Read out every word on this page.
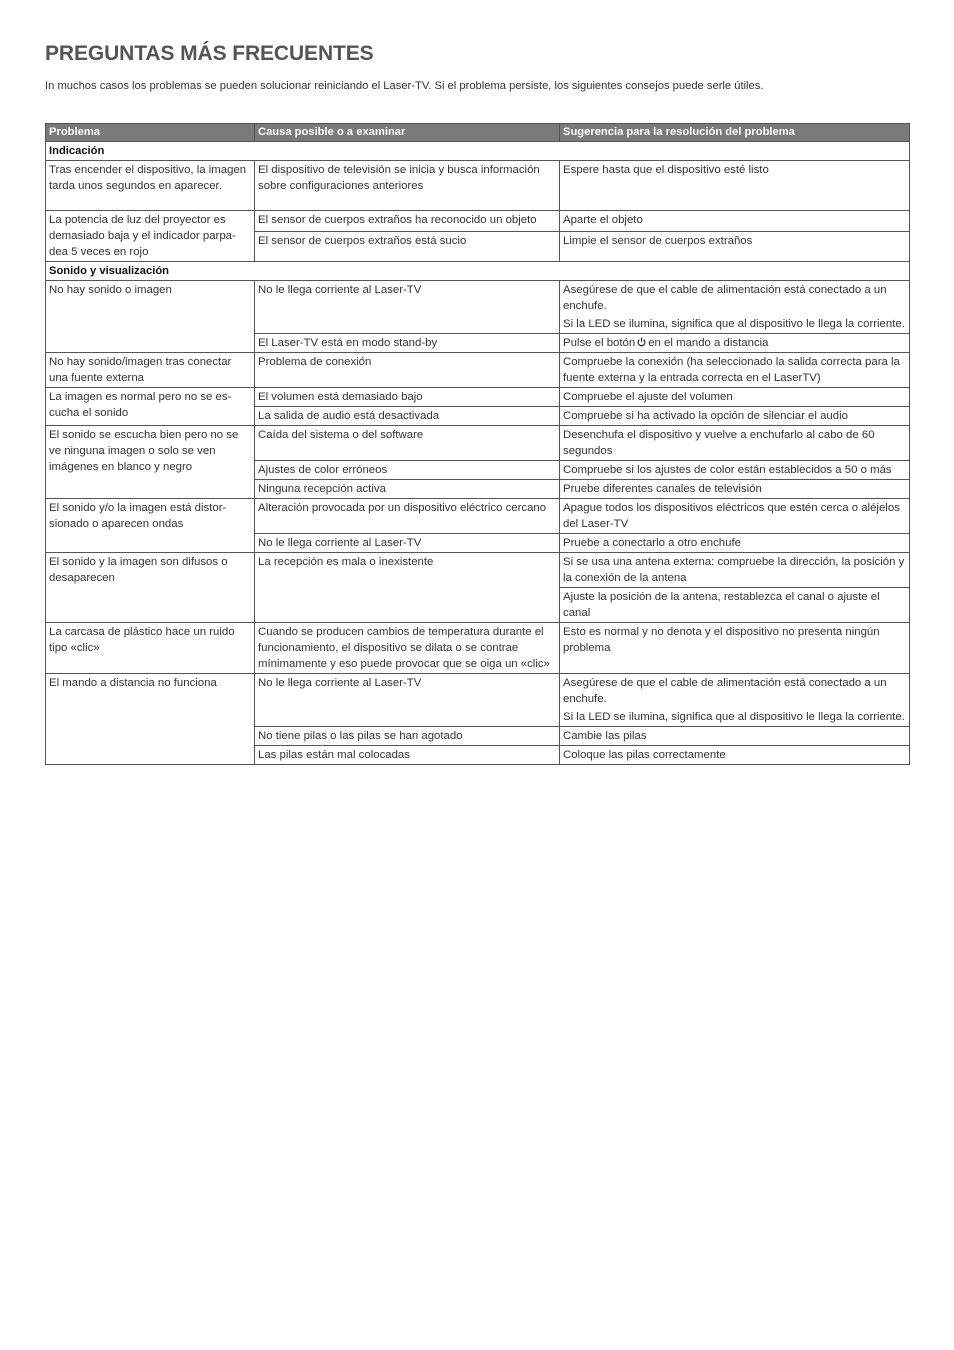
PREGUNTAS MÁS FRECUENTES

In muchos casos los problemas se pueden solucionar reiniciando el Laser-TV. Si el problema persiste, los siguientes consejos puede serle útiles.

Problema	Causa posible o a examinar	Sugerencia para la resolución del problema
Indicación		
Tras encender el dispositivo, la imagen tarda unos segundos en aparecer.	El dispositivo de televisión se inicia y busca información sobre configuraciones anteriores	Espere hasta que el dispositivo esté listo
La potencia de luz del proyector es demasiado baja y el indicador parpa-dea 5 veces en rojo	El sensor de cuerpos extraños ha reconocido un objeto	Aparte el objeto
	El sensor de cuerpos extraños está sucio	Limpie el sensor de cuerpos extraños
Sonido y visualización		
No hay sonido o imagen	No le llega corriente al Laser-TV	Asegúrese de que el cable de alimentación está conectado a un enchufe.
Si la LED se ilumina, significa que al dispositivo le llega la corriente.

	El Laser-TV está en modo stand-by	Pulse el botón en el mando a distancia
No hay sonido/imagen tras conectar una fuente externa	Problema de conexión	Compruebe la conexión (ha seleccionado la salida correcta para la fuente externa y la entrada correcta en el LaserTV)
La imagen es normal pero no se es-cucha el sonido	El volumen está demasiado bajo	Compruebe el ajuste del volumen
	La salida de audio está desactivada	Compruebe si ha activado la opción de silenciar el audio
El sonido se escucha bien pero no se ve ninguna imagen o solo se ven imágenes en blanco y negro	Caída del sistema o del software	Desenchufa el dispositivo y vuelve a enchufarlo al cabo de 60 segundos
	Ajustes de color erróneos	Compruebe si los ajustes de color están establecidos a 50 o más
	Ninguna recepción activa	Pruebe diferentes canales de televisión
El sonido y/o la imagen está distor-sionado o aparecen ondas	Alteración provocada por un dispositivo eléctrico cercano	Apague todos los dispositivos eléctricos que estén cerca o aléjelos del Laser-TV
	No le llega corriente al Laser-TV	Pruebe a conectarlo a otro enchufe
El sonido y la imagen son difusos o desaparecen	La recepción es mala o inexistente	Si se usa una antena externa: compruebe la dirección, la posición y la conexión de la antena
		Ajuste la posición de la antena, restablezca el canal o ajuste el canal
La carcasa de plástico hace un ruido tipo «clic»	Cuando se producen cambios de temperatura durante el funcionamiento, el dispositivo se dilata o se contrae mínimamente y eso puede provocar que se oiga un «clic»	Esto es normal y no denota y el dispositivo no presenta ningún problema
El mando a distancia no funciona	No le llega corriente al Laser-TV	Asegúrese de que el cable de alimentación está conectado a un enchufe.
Si la LED se ilumina, significa que al dispositivo le llega la corriente.

	No tiene pilas o las pilas se han agotado	Cambie las pilas
	Las pilas están mal colocadas	Coloque las pilas correctamente
